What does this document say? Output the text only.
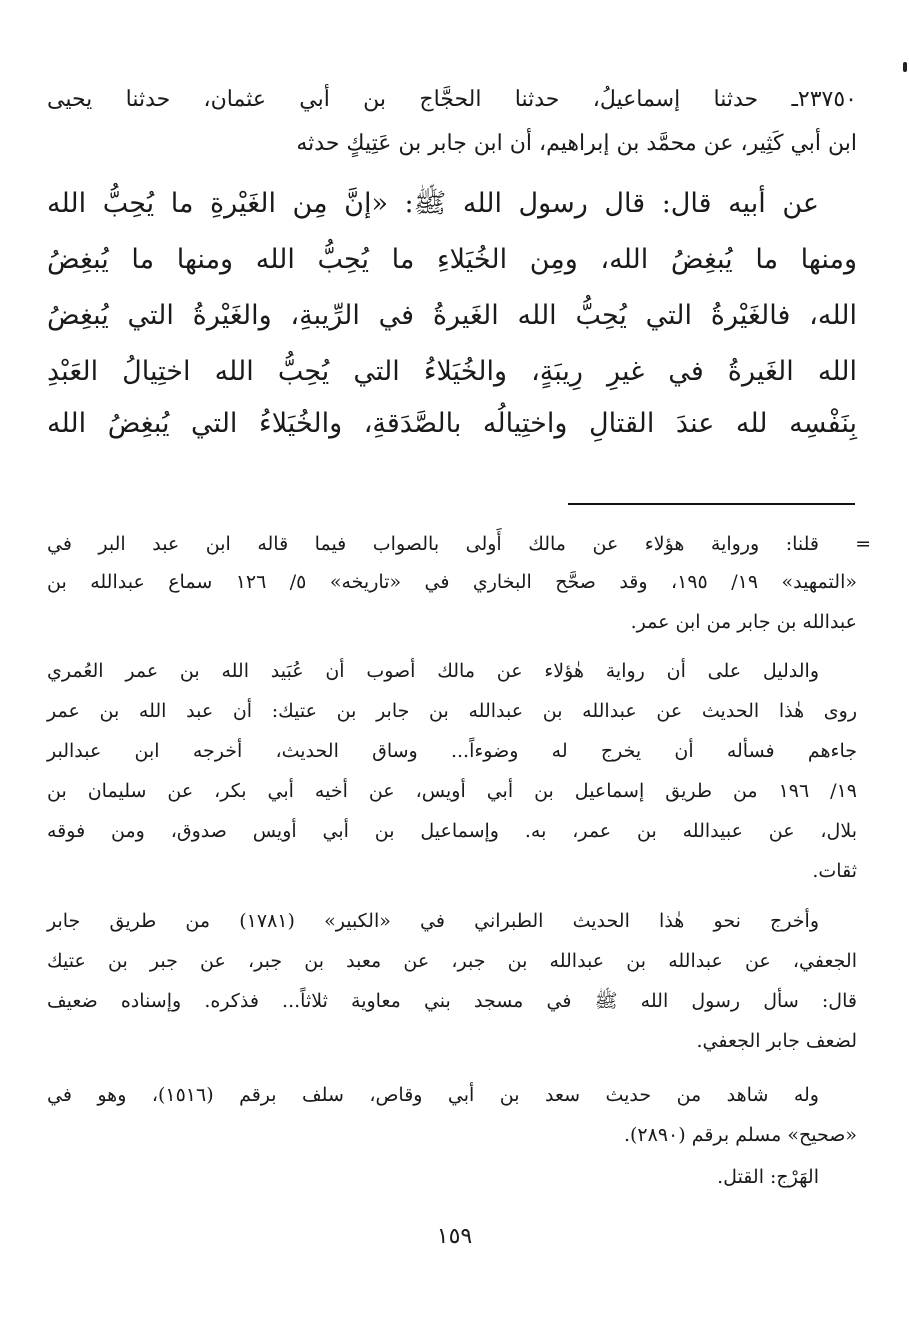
٢٣٧٥٠ـ حدثنا إسماعيلُ، حدثنا الحجَّاج بن أبي عثمان، حدثنا يحيى
ابن أبي كَثِير، عن محمَّد بن إبراهيم، أن ابن جابر بن عَتِيكٍ حدثه
عن أبيه قال: قال رسول الله ﷺ: «إنَّ مِن الغَيْرةِ ما يُحِبُّ الله
ومنها ما يُبغِضُ الله، ومِن الخُيَلاءِ ما يُحِبُّ الله ومنها ما يُبغِضُ
الله، فالغَيْرةُ التي يُحِبُّ الله الغَيرةُ في الرِّيبةِ، والغَيْرةُ التي يُبغِضُ
الله الغَيرةُ في غيرِ رِيبَةٍ، والخُيَلاءُ التي يُحِبُّ الله اختِيالُ العَبْدِ
بِنَفْسِه لله عندَ القتالِ واختِيالُه بالصَّدَقةِ، والخُيَلاءُ التي يُبغِضُ الله
=
قلنا: ورواية هؤلاء عن مالك أَولى بالصواب فيما قاله ابن عبد البر في
«التمهيد» ١٩/ ١٩٥، وقد صحَّح البخاري في «تاريخه» ٥/ ١٢٦ سماع عبدالله بن
عبدالله بن جابر من ابن عمر.
والدليل على أن رواية هٰؤلاء عن مالك أصوب أن عُبَيد الله بن عمر العُمري
روى هٰذا الحديث عن عبدالله بن عبدالله بن جابر بن عتيك: أن عبد الله بن عمر
جاءهم فسأله أن يخرج له وضوءاً... وساق الحديث، أخرجه ابن عبدالبر
١٩/ ١٩٦ من طريق إسماعيل بن أبي أويس، عن أخيه أبي بكر، عن سليمان بن
بلال، عن عبيدالله بن عمر، به. وإسماعيل بن أبي أويس صدوق، ومن فوقه
ثقات.
وأخرج نحو هٰذا الحديث الطبراني في «الكبير» (١٧٨١) من طريق جابر
الجعفي، عن عبدالله بن عبدالله بن جبر، عن معبد بن جبر، عن جبر بن عتيك
قال: سأل رسول الله ﷺ في مسجد بني معاوية ثلاثاً... فذكره. وإسناده ضعيف
لضعف جابر الجعفي.
وله شاهد من حديث سعد بن أبي وقاص، سلف برقم (١٥١٦)، وهو في
«صحيح» مسلم برقم (٢٨٩٠).
الهَرْج: القتل.
١٥٩
